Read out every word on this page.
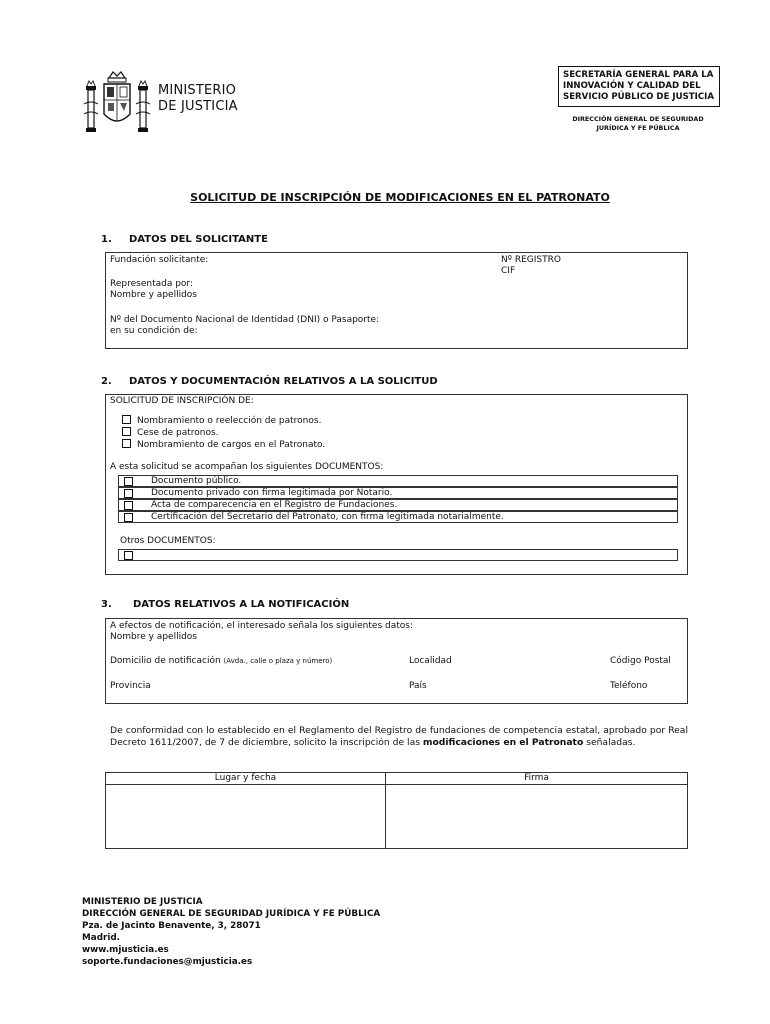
MINISTERIO
DE JUSTICIA
SECRETARÍA GENERAL PARA LA
INNOVACIÓN Y CALIDAD DEL
SERVICIO PÚBLICO DE JUSTICIA
DIRECCIÓN GENERAL DE SEGURIDAD
JURÍDICA Y FE PÚBLICA
SOLICITUD DE INSCRIPCIÓN DE MODIFICACIONES EN EL PATRONATO
1. DATOS DEL SOLICITANTE
Fundación solicitante:	Nº REGISTRO
CIF
Representada por:
Nombre y apellidos
Nº del Documento Nacional de Identidad (DNI) o Pasaporte:
en su condición de:
2. DATOS Y DOCUMENTACIÓN RELATIVOS A LA SOLICITUD
SOLICITUD DE INSCRIPCIÓN DE:
Nombramiento o reelección de patronos.
Cese de patronos.
Nombramiento de cargos en el Patronato.
A esta solicitud se acompañan los siguientes DOCUMENTOS:
Otros DOCUMENTOS:
Documento público.
Documento privado con firma legitimada por Notario.
Acta de comparecencia en el Registro de Fundaciones.
Certificación del Secretario del Patronato, con firma legitimada notarialmente.
3. DATOS RELATIVOS A LA NOTIFICACIÓN
A efectos de notificación, el interesado señala los siguientes datos:
Nombre y apellidos
Domicilio de notificación (Avda., calle o plaza y número)	Localidad	Código Postal
Provincia	País	Teléfono
De conformidad con lo establecido en el Reglamento del Registro de fundaciones de competencia estatal, aprobado por Real Decreto 1611/2007, de 7 de diciembre, solicito la inscripción de las modificaciones en el Patronato señaladas.
Lugar y fecha	Firma
MINISTERIO DE JUSTICIA
DIRECCIÓN GENERAL DE SEGURIDAD JURÍDICA Y FE PÚBLICA
Pza. de Jacinto Benavente, 3, 28071
Madrid.
www.mjusticia.es
soporte.fundaciones@mjusticia.es
